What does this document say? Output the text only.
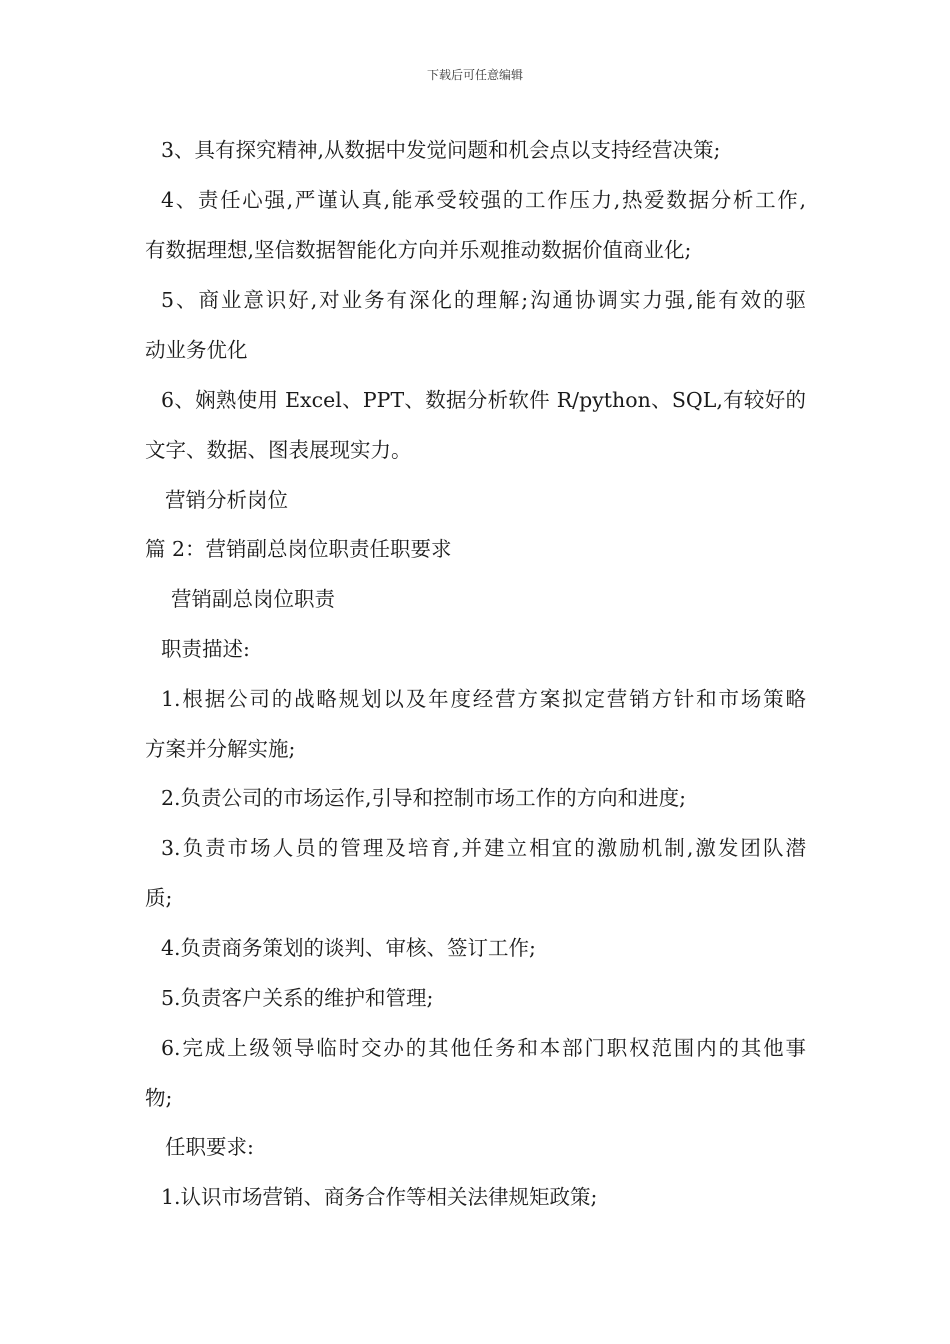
下载后可任意编辑
3、具有探究精神,从数据中发觉问题和机会点以支持经营决策;
4、责任心强,严谨认真,能承受较强的工作压力,热爱数据分析工作,
有数据理想,坚信数据智能化方向并乐观推动数据价值商业化;
5、商业意识好,对业务有深化的理解;沟通协调实力强,能有效的驱
动业务优化
6、娴熟使用 Excel、PPT、数据分析软件 R/python、SQL,有较好的
文字、数据、图表展现实力。
营销分析岗位
篇 2：营销副总岗位职责任职要求
营销副总岗位职责
职责描述:
1.根据公司的战略规划以及年度经营方案拟定营销方针和市场策略
方案并分解实施;
2.负责公司的市场运作,引导和控制市场工作的方向和进度;
3.负责市场人员的管理及培育,并建立相宜的激励机制,激发团队潜
质;
4.负责商务策划的谈判、审核、签订工作;
5.负责客户关系的维护和管理;
6.完成上级领导临时交办的其他任务和本部门职权范围内的其他事
物;
任职要求:
1.认识市场营销、商务合作等相关法律规矩政策;
